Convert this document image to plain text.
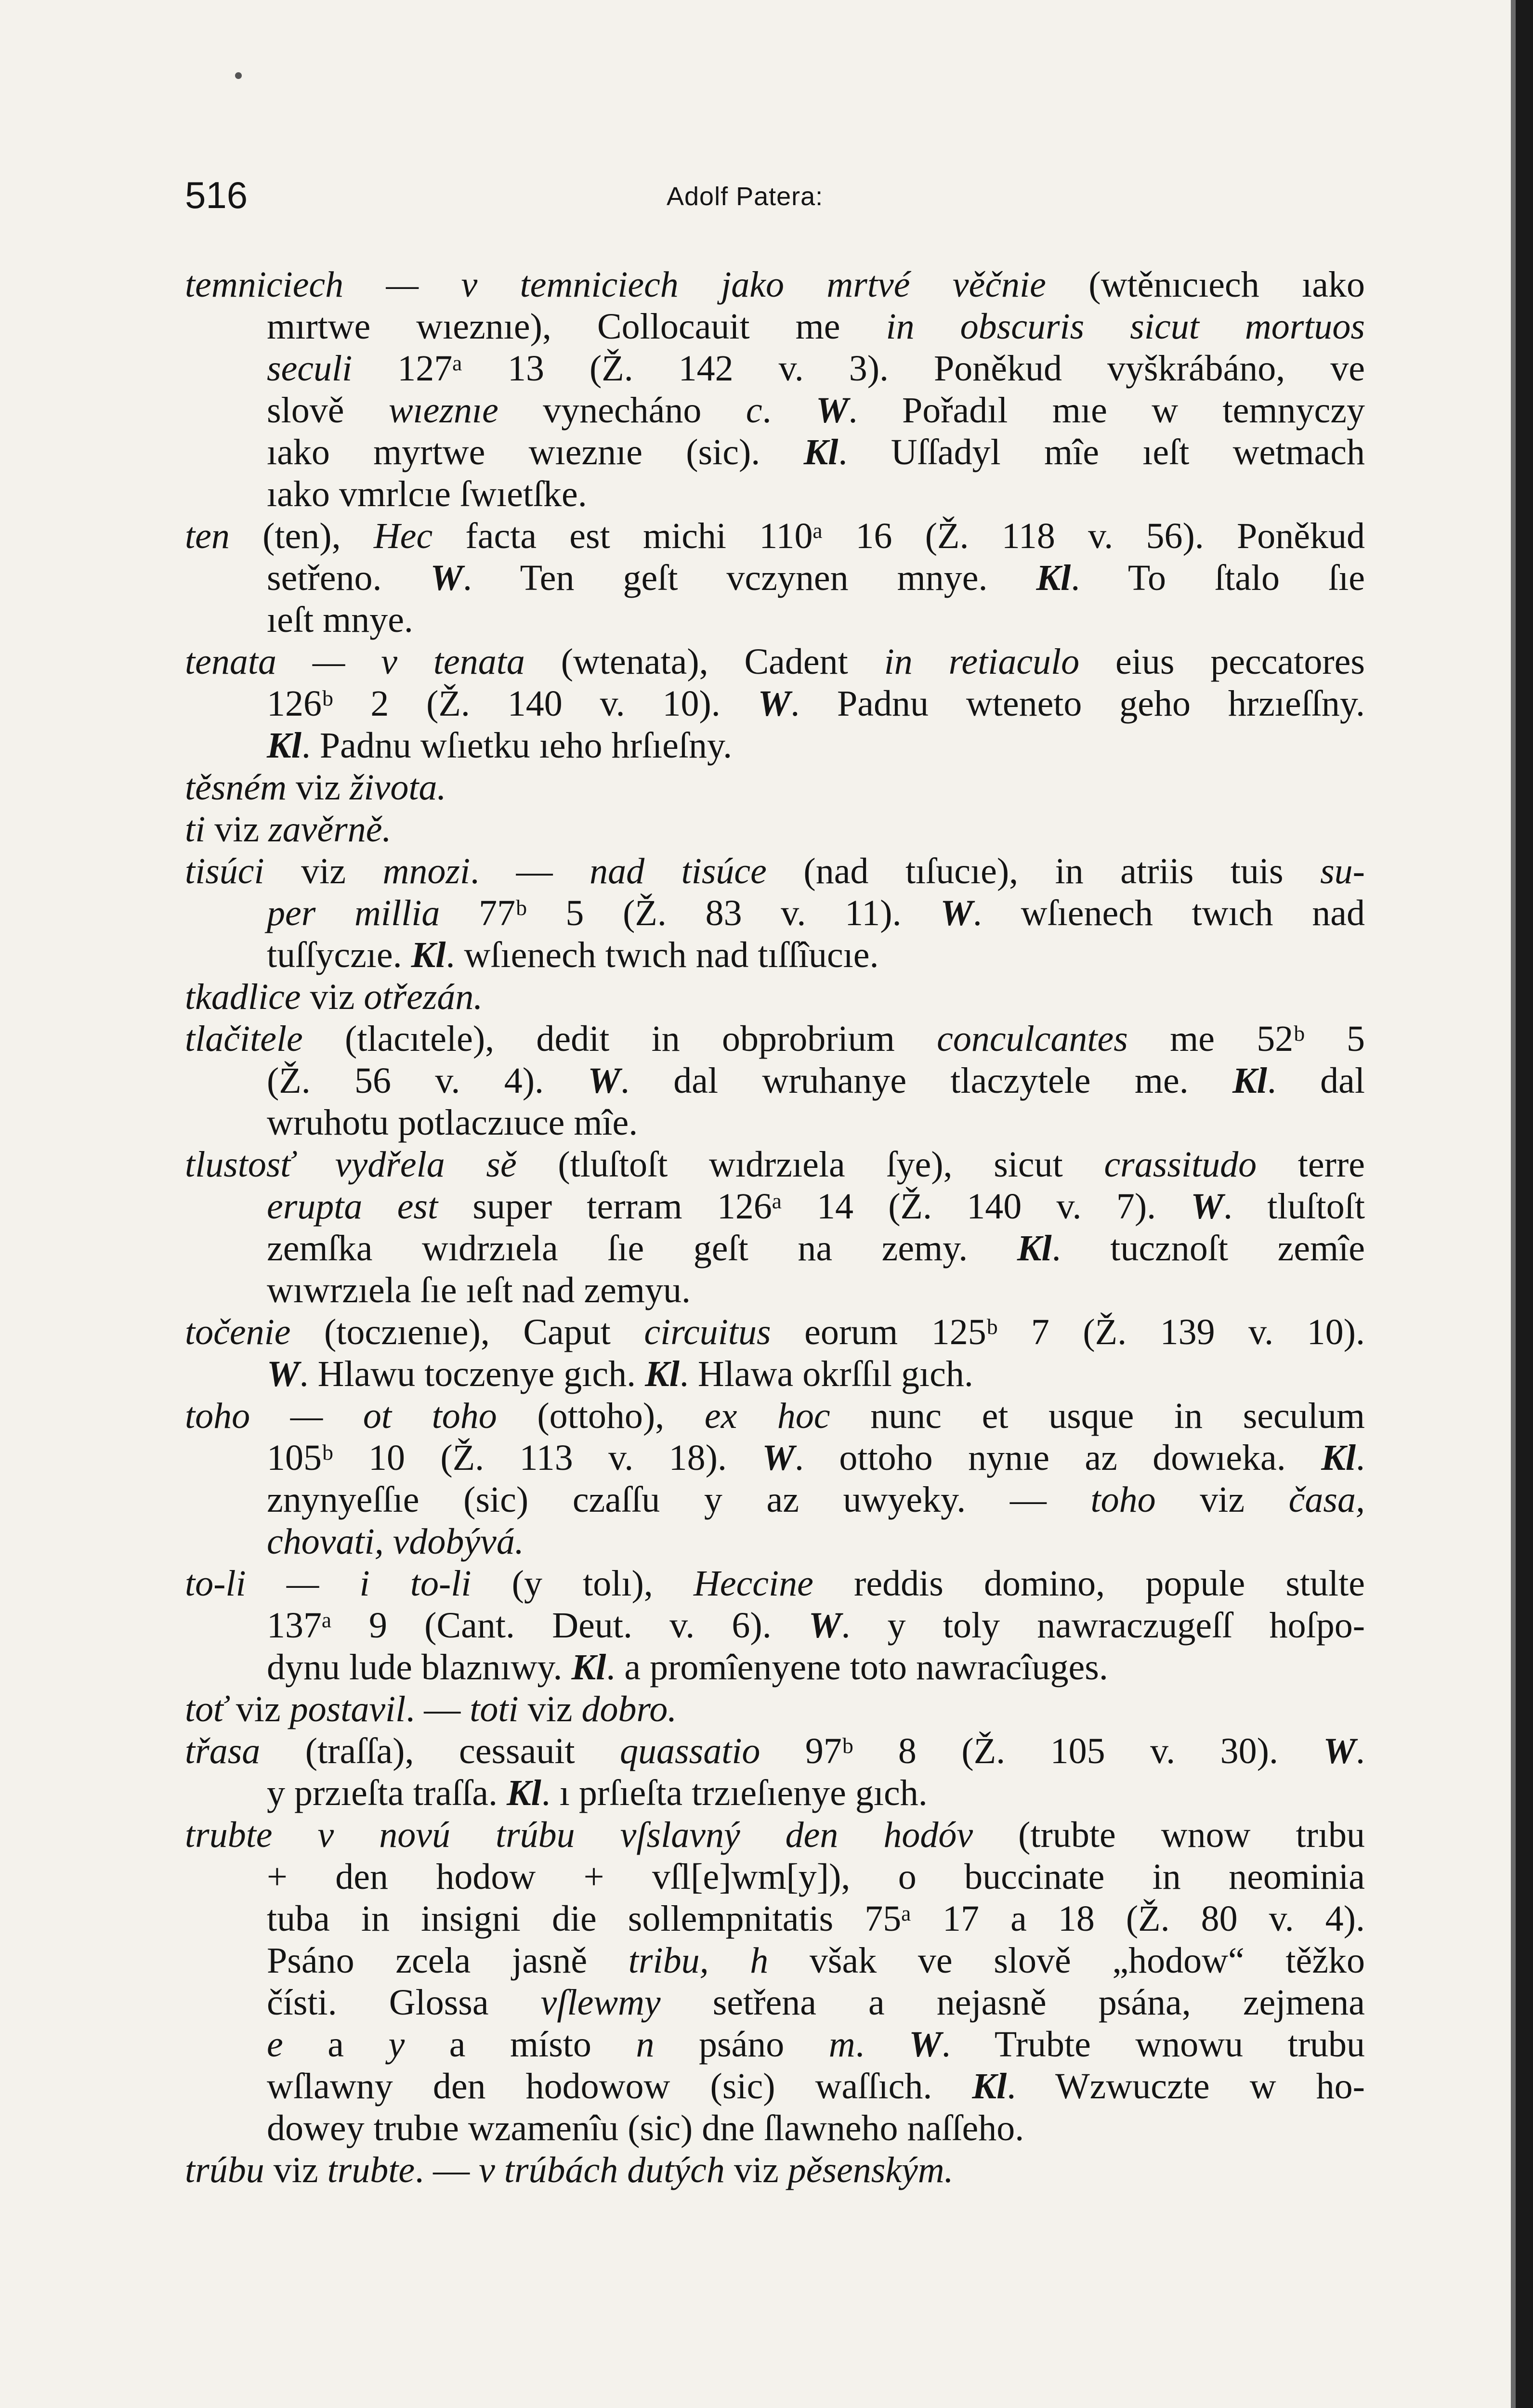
516	Adolf Patera:
temniciech — v temniciech jako mrtvé věčnie (wtěnıcıech ıako
mırtwe wıeznıe), Collocauit me in obscuris sicut mortuos
seculi 127ᵃ 13 (Ž. 142 v. 3). Poněkud vyškrábáno, ve
slově wıeznıe vynecháno c. W. Pořadıl mıe w temnyczy
ıako myrtwe wıeznıe (sic). Kl. Uſſadyl mîe ıeſt wetmach
ıako vmrlcıe ſwıetſke.
ten (ten), Hec facta est michi 110ᵃ 16 (Ž. 118 v. 56). Poněkud
setřeno. W. Ten geſt vczynen mnye. Kl. To ſtalo ſıe
ıeſt mnye.
tenata — v tenata (wtenata), Cadent in retiaculo eius peccatores
126ᵇ 2 (Ž. 140 v. 10). W. Padnu wteneto geho hrzıeſſny.
Kl. Padnu wſıetku ıeho hrſıeſny.
těsném viz života.
ti viz zavěrně.
tisúci viz mnozi. — nad tisúce (nad tıſucıe), in atriis tuis su-
per millia 77ᵇ 5 (Ž. 83 v. 11). W. wſıenech twıch nad
tuſſyczıe. Kl. wſıenech twıch nad tıſſîucıe.
tkadlice viz otřezán.
tlačitele (tlacıtele), dedit in obprobrium conculcantes me 52ᵇ 5
(Ž. 56 v. 4). W. dal wruhanye tlaczytele me. Kl. dal
wruhotu potlaczıuce mîe.
tlustosť vydřela sě (tluſtoſt wıdrzıela ſye), sicut crassitudo terre
erupta est super terram 126ᵃ 14 (Ž. 140 v. 7). W. tluſtoſt
zemſka wıdrzıela ſıe geſt na zemy. Kl. tucznoſt zemîe
wıwrzıela ſıe ıeſt nad zemyu.
točenie (toczıenıe), Caput circuitus eorum 125ᵇ 7 (Ž. 139 v. 10).
W. Hlawu toczenye gıch. Kl. Hlawa okrſſıl gıch.
toho — ot toho (ottoho), ex hoc nunc et usque in seculum
105ᵇ 10 (Ž. 113 v. 18). W. ottoho nynıe az dowıeka. Kl.
znynyeſſıe (sic) czaſſu y az uwyeky. — toho viz časa,
chovati, vdobývá.
to-li — i to-li (y tolı), Heccine reddis domino, popule stulte
137ᵃ 9 (Cant. Deut. v. 6). W. y toly nawraczugeſſ hoſpo-
dynu lude blaznıwy. Kl. a promîenyene toto nawracîuges.
toť viz postavil. — toti viz dobro.
třasa (traſſa), cessauit quassatio 97ᵇ 8 (Ž. 105 v. 30). W.
y przıeſta traſſa. Kl. ı prſıeſta trzıeſıenye gıch.
trubte v novú trúbu vſslavný den hodóv (trubte wnow trıbu
+ den hodow + vſl[e]wm[y]), o buccinate in neominia
tuba in insigni die sollempnitatis 75ᵃ 17 a 18 (Ž. 80 v. 4).
Psáno zcela jasně tribu, h však ve slově „hodow“ těžko
čísti. Glossa vſlewmy setřena a nejasně psána, zejmena
e a y a místo n psáno m. W. Trubte wnowu trubu
wſlawny den hodowow (sic) waſſıch. Kl. Wzwuczte w ho-
dowey trubıe wzamenîu (sic) dne ſlawneho naſſeho.
trúbu viz trubte. — v trúbách dutých viz pěsenským.
